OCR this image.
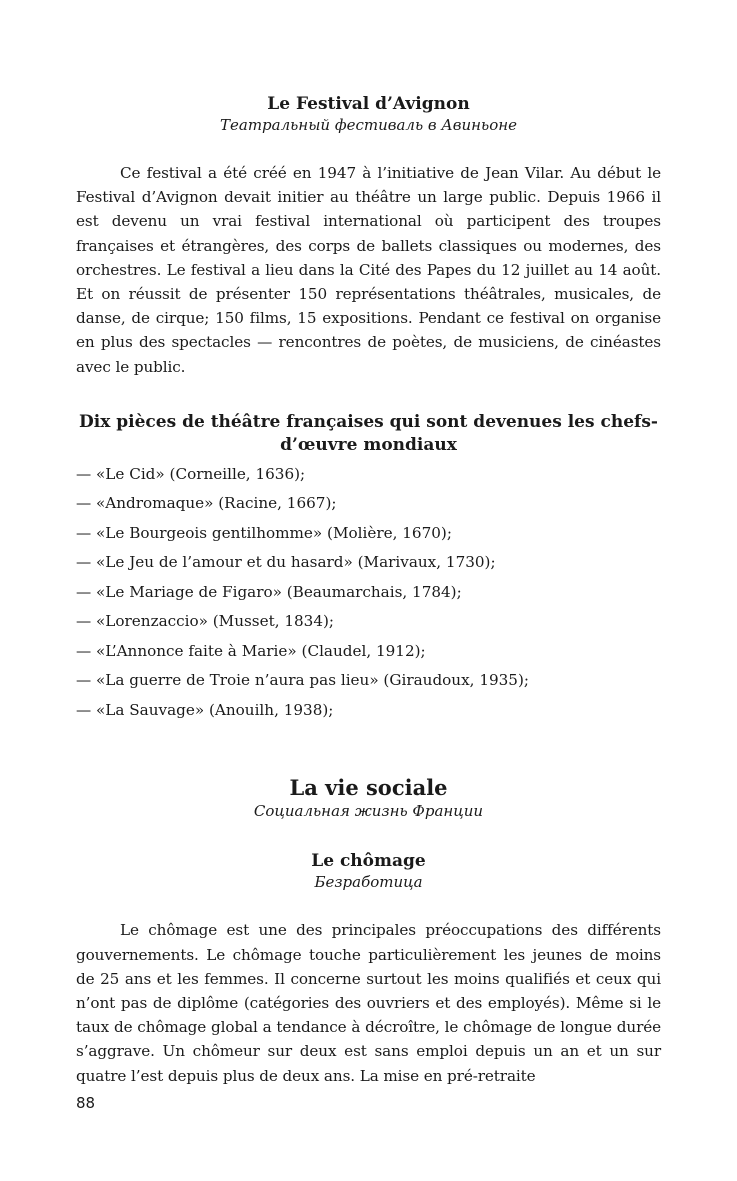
Le Festival d’Avignon

Театральный фестиваль в Авиньоне

Ce festival a été créé en 1947 à l’initiative de Jean Vilar. Au début le Festival d’Avignon devait initier au théâtre un large public. Depuis 1966 il est devenu un vrai festival international où participent des troupes françaises et étrangères, des corps de ballets classiques ou modernes, des orchestres. Le festival a lieu dans la Cité des Papes du 12 juillet au 14 août. Et on réussit de présenter 150 représentations théâtrales, musicales, de danse, de cirque; 150 films, 15 expositions. Pendant ce festival on organise en plus des spectacles — rencontres de poètes, de musiciens, de cinéastes avec le public.

Dix pièces de théâtre françaises qui sont devenues les chefs-d’œuvre mondiaux
— «Le Cid» (Corneille, 1636);
— «Andromaque» (Racine, 1667);
— «Le Bourgeois gentilhomme» (Molière, 1670);
— «Le Jeu de l’amour et du hasard» (Marivaux, 1730);
— «Le Mariage de Figaro» (Beaumarchais, 1784);
— «Lorenzaccio» (Musset, 1834);
— «L’Annonce faite à Marie» (Claudel, 1912);
— «La guerre de Troie n’aura pas lieu» (Giraudoux, 1935);
— «La Sauvage» (Anouilh, 1938);
La vie sociale

Социальная жизнь Франции

Le chômage

Безработица

Le chômage est une des principales préoccupations des différents gouvernements. Le chômage touche particulièrement les jeunes de moins de 25 ans et les femmes. Il concerne surtout les moins qualifiés et ceux qui n’ont pas de diplôme (catégories des ouvriers et des employés). Même si le taux de chômage global a tendance à décroître, le chômage de longue durée s’aggrave. Un chômeur sur deux est sans emploi depuis un an et un sur quatre l’est depuis plus de deux ans. La mise en pré-retraite

88
